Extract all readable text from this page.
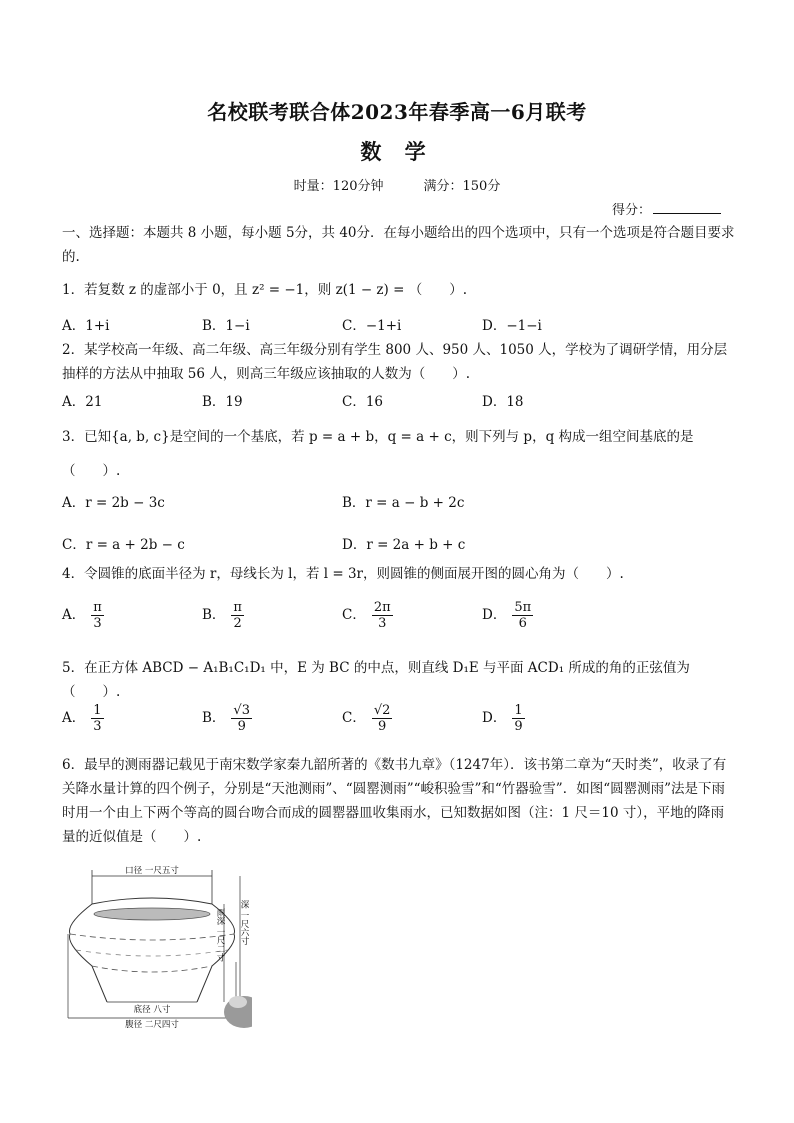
名校联考联合体2023年春季高一6月联考
数 学
时量：120分钟	满分：150分
得分：
一、选择题：本题共 8 小题，每小题 5分，共 40分．在每小题给出的四个选项中，只有一个选项是符合题目要求的.
1．若复数 z 的虚部小于 0，且 z² = −1，则 z(1 − z) = （　　）.
A．1+i	B．1−i	C．−1+i	D．−1−i
2．某学校高一年级、高二年级、高三年级分别有学生 800 人、950 人、1050 人，学校为了调研学情，用分层抽样的方法从中抽取 56 人，则高三年级应该抽取的人数为（　　）.
A．21	B．19	C．16	D．18
3．已知{a, b, c}是空间的一个基底，若 p = a + b，q = a + c，则下列与 p，q 构成一组空间基底的是（　　）.
A．r = 2b − 3c	B．r = a − b + 2c
C．r = a + 2b − c	D．r = 2a + b + c
4．令圆锥的底面半径为 r，母线长为 l，若 l = 3r，则圆锥的侧面展开图的圆心角为（　　）.
A． $\frac{\pi}{3}$	B． $\frac{\pi}{2}$	C． $\frac{2\pi}{3}$	D． $\frac{5\pi}{6}$
5．在正方体 ABCD − A₁B₁C₁D₁ 中，E 为 BC 的中点，则直线 D₁E 与平面 ACD₁ 所成的角的正弦值为（　　）.
A． $\frac{1}{3}$	B． $\frac{√3}{9}$	C． $\frac{√2}{9}$	D． $\frac{1}{9}$
6．最早的测雨器记载见于南宋数学家秦九韶所著的《数书九章》（1247年）．该书第二章为“天时类”，收录了有关降水量计算的四个例子，分别是“天池测雨”、“圆罂测雨”“峻积验雪”和“竹器验雪”．如图“圆罂测雨”法是下雨时用一个由上下两个等高的圆台吻合而成的圆罂器皿收集雨水，已知数据如图（注：1 尺＝10 寸），平地的降雨量的近似值是（　　）.
口径 一尺五寸
雨深 一尺二寸 深 一尺六寸
底径 八寸
腹径 二尺四寸
